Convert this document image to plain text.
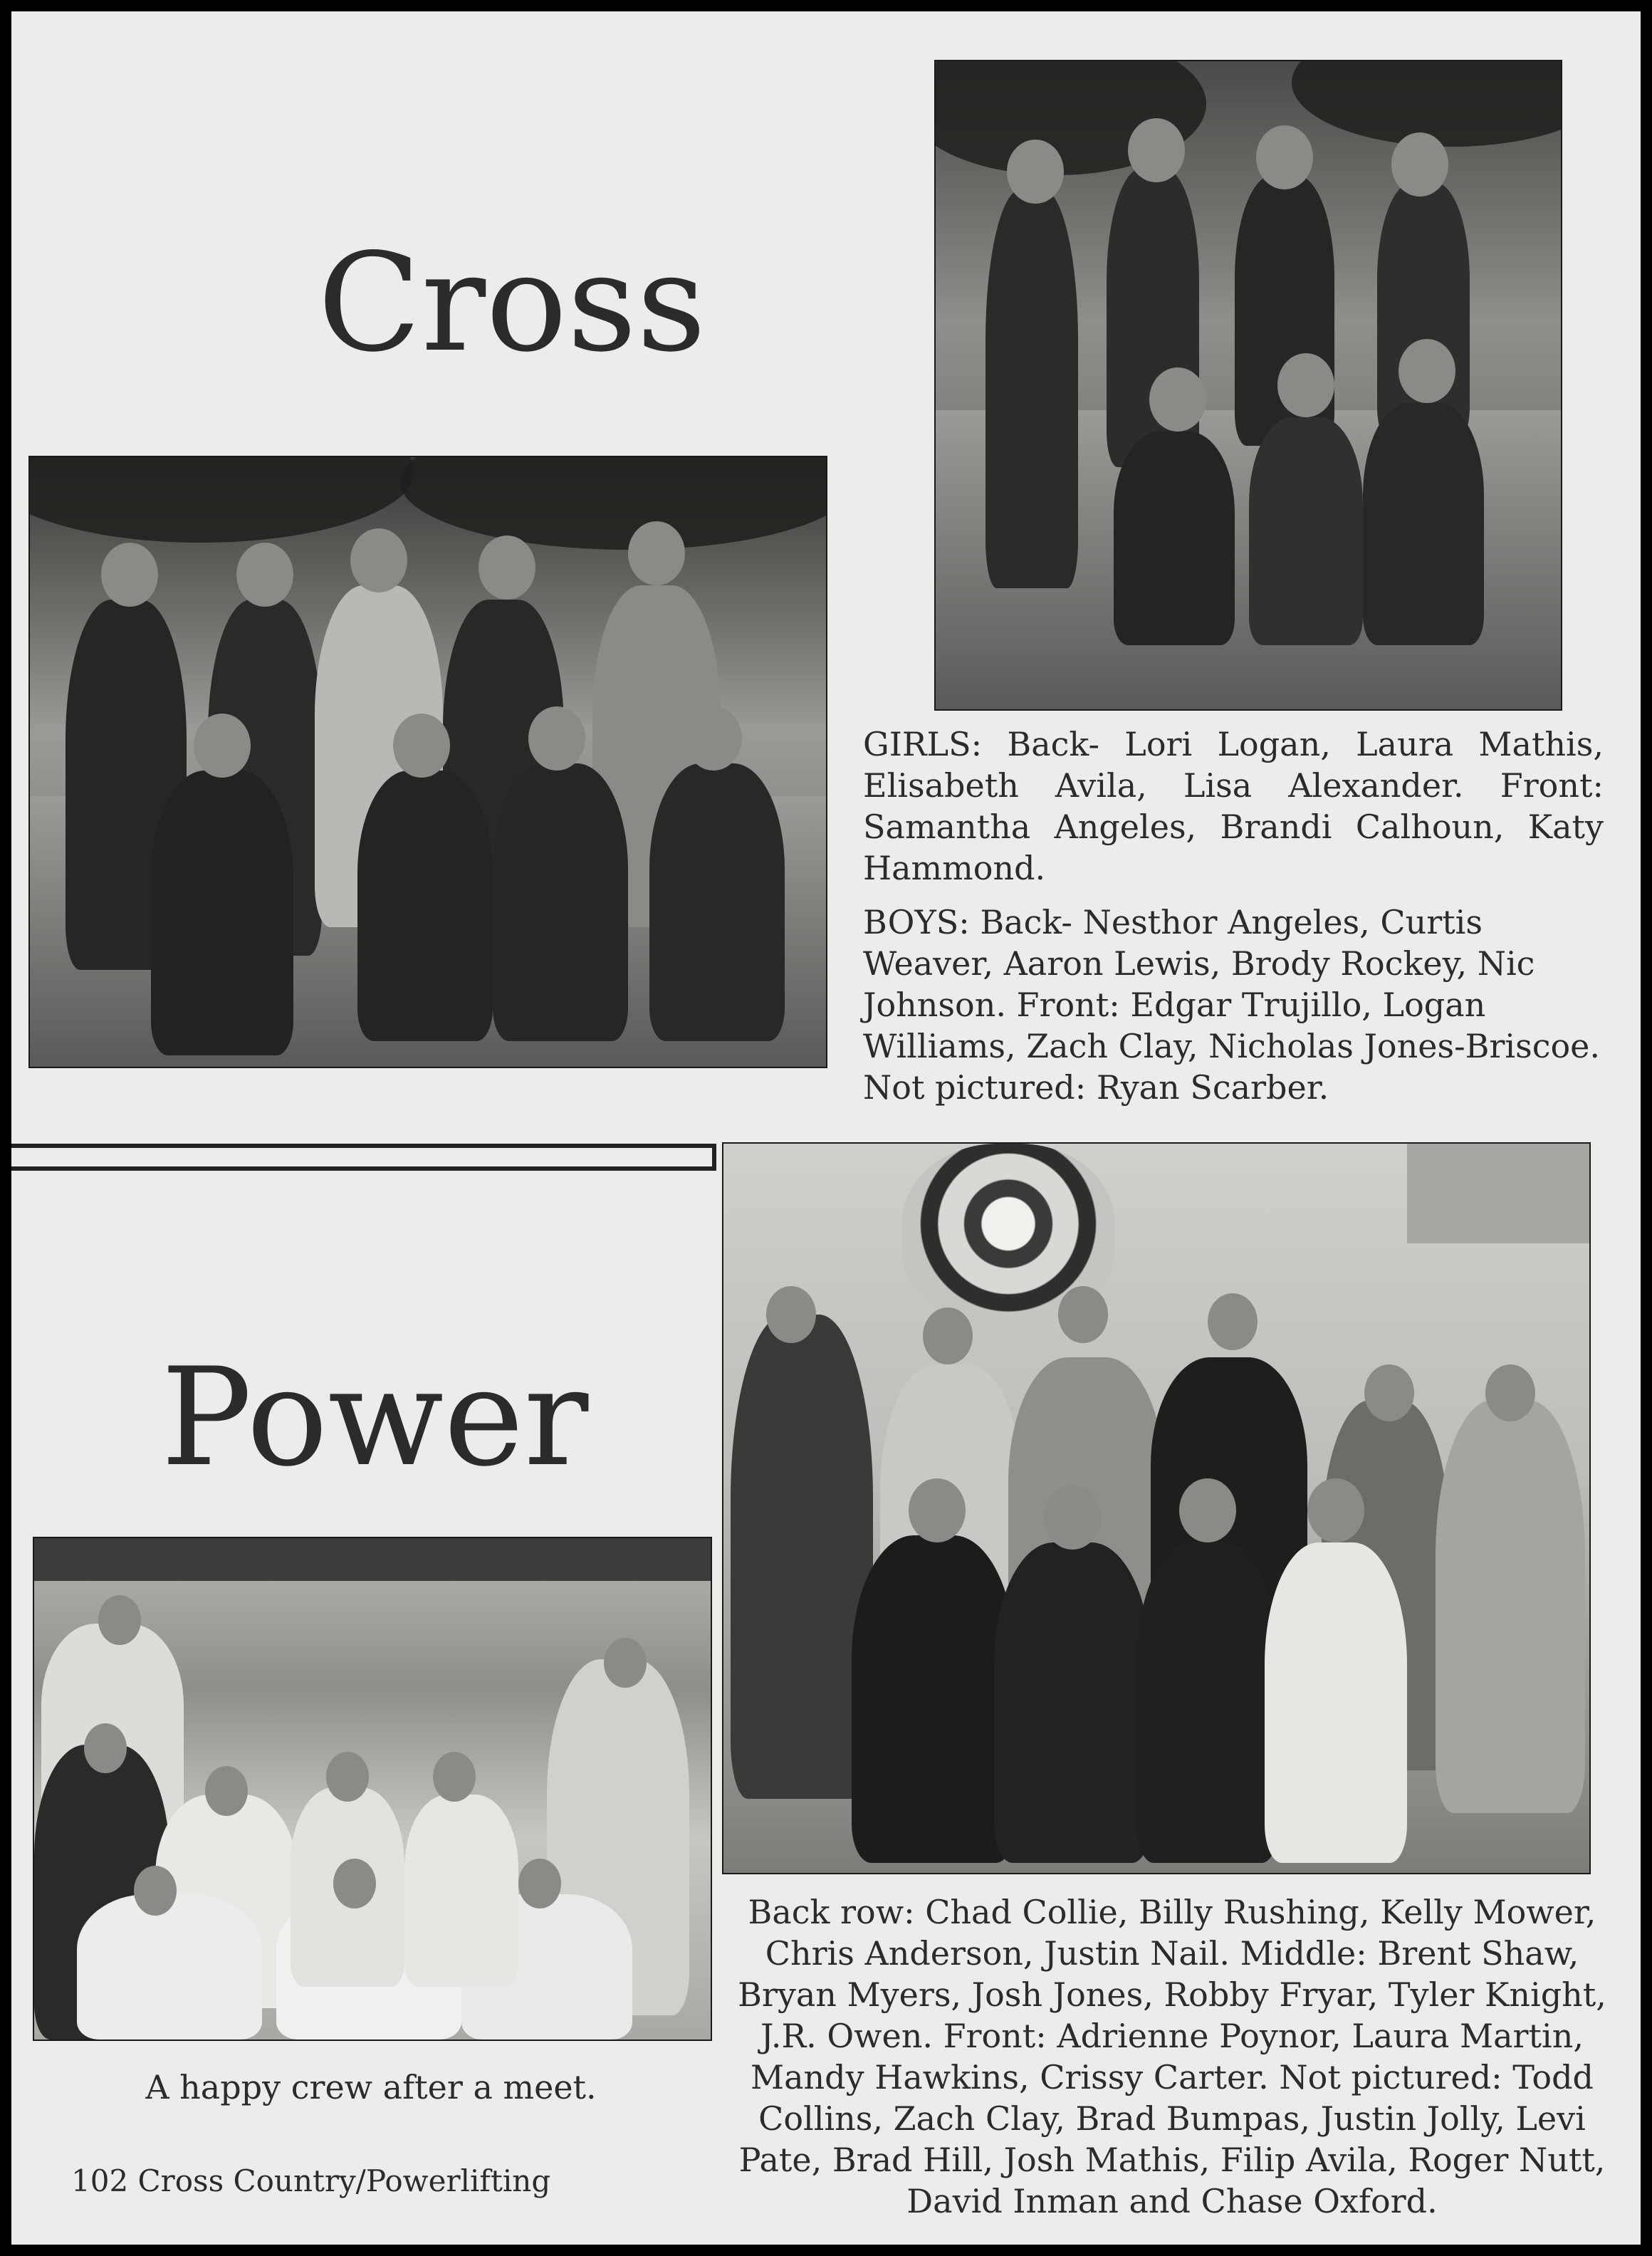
Cross

GIRLS: Back- Lori Logan, Laura Mathis, Elisabeth Avila, Lisa Alexander. Front: Samantha Angeles, Brandi Calhoun, Katy Hammond.
BOYS: Back- Nesthor Angeles, Curtis Weaver, Aaron Lewis, Brody Rockey, Nic Johnson. Front: Edgar Trujillo, Logan Williams, Zach Clay, Nicholas Jones-Briscoe. Not pictured: Ryan Scarber.

Power

A happy crew after a meet.
Back row: Chad Collie, Billy Rushing, Kelly Mower, Chris Anderson, Justin Nail. Middle: Brent Shaw, Bryan Myers, Josh Jones, Robby Fryar, Tyler Knight, J.R. Owen. Front: Adrienne Poynor, Laura Martin, Mandy Hawkins, Crissy Carter. Not pictured: Todd Collins, Zach Clay, Brad Bumpas, Justin Jolly, Levi Pate, Brad Hill, Josh Mathis, Filip Avila, Roger Nutt, David Inman and Chase Oxford.
102 Cross Country/Powerlifting
